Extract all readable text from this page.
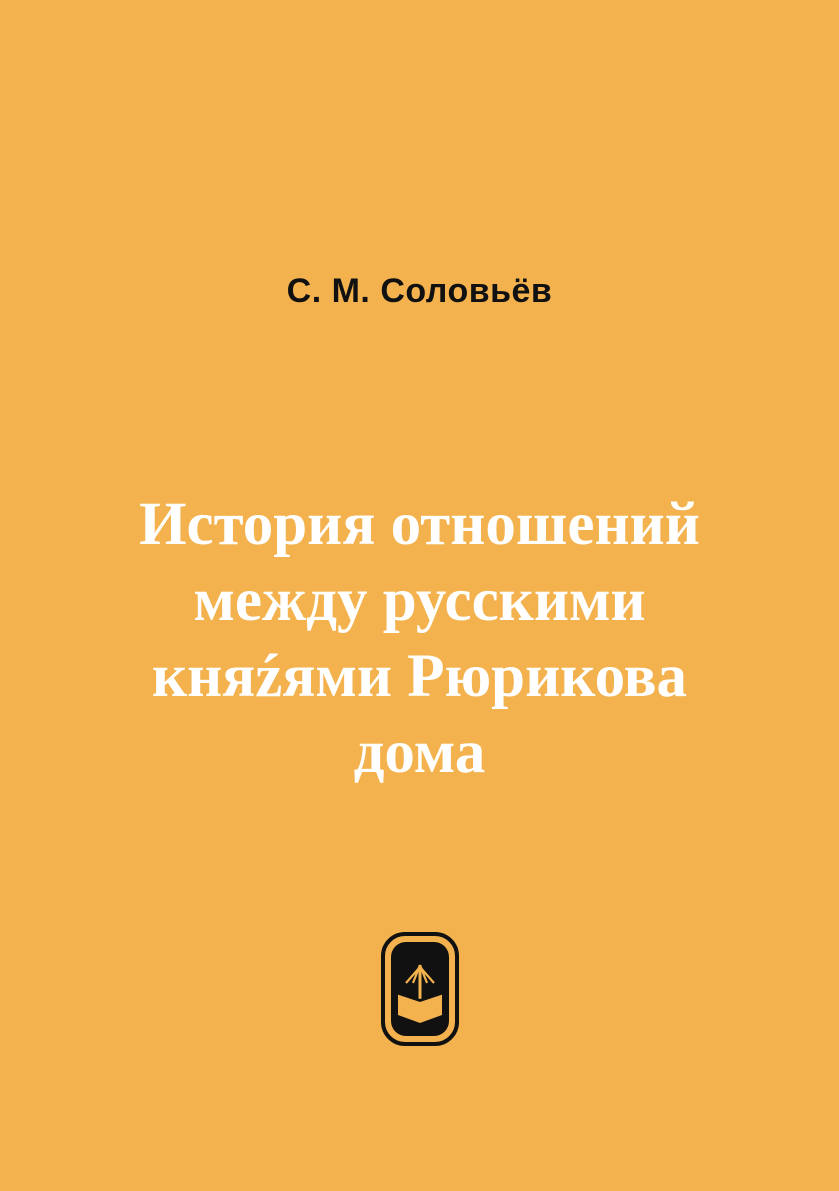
С. М. Соловьёв
История отношений между русскими княźями Рюрикова дома
